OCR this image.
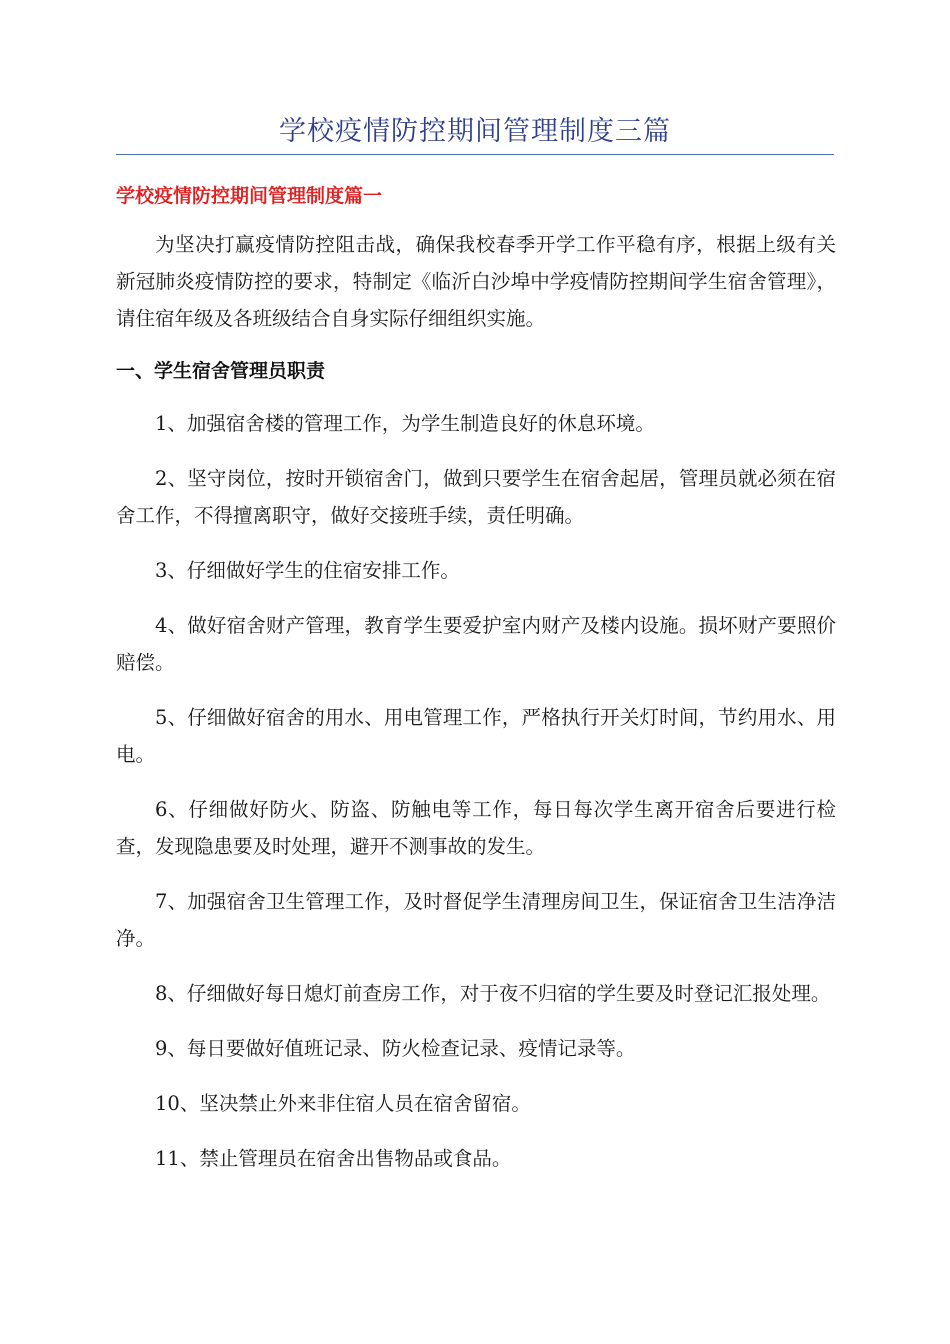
学校疫情防控期间管理制度三篇
学校疫情防控期间管理制度篇一

为坚决打赢疫情防控阻击战，确保我校春季开学工作平稳有序，根据上级有关新冠肺炎疫情防控的要求，特制定《临沂白沙埠中学疫情防控期间学生宿舍管理》，请住宿年级及各班级结合自身实际仔细组织实施。

一、学生宿舍管理员职责

1、加强宿舍楼的管理工作，为学生制造良好的休息环境。

2、坚守岗位，按时开锁宿舍门，做到只要学生在宿舍起居，管理员就必须在宿舍工作，不得擅离职守，做好交接班手续，责任明确。

3、仔细做好学生的住宿安排工作。

4、做好宿舍财产管理，教育学生要爱护室内财产及楼内设施。损坏财产要照价赔偿。

5、仔细做好宿舍的用水、用电管理工作，严格执行开关灯时间，节约用水、用电。

6、仔细做好防火、防盗、防触电等工作，每日每次学生离开宿舍后要进行检查，发现隐患要及时处理，避开不测事故的发生。

7、加强宿舍卫生管理工作，及时督促学生清理房间卫生，保证宿舍卫生洁净洁净。

8、仔细做好每日熄灯前查房工作，对于夜不归宿的学生要及时登记汇报处理。

9、每日要做好值班记录、防火检查记录、疫情记录等。

10、坚决禁止外来非住宿人员在宿舍留宿。

11、禁止管理员在宿舍出售物品或食品。
